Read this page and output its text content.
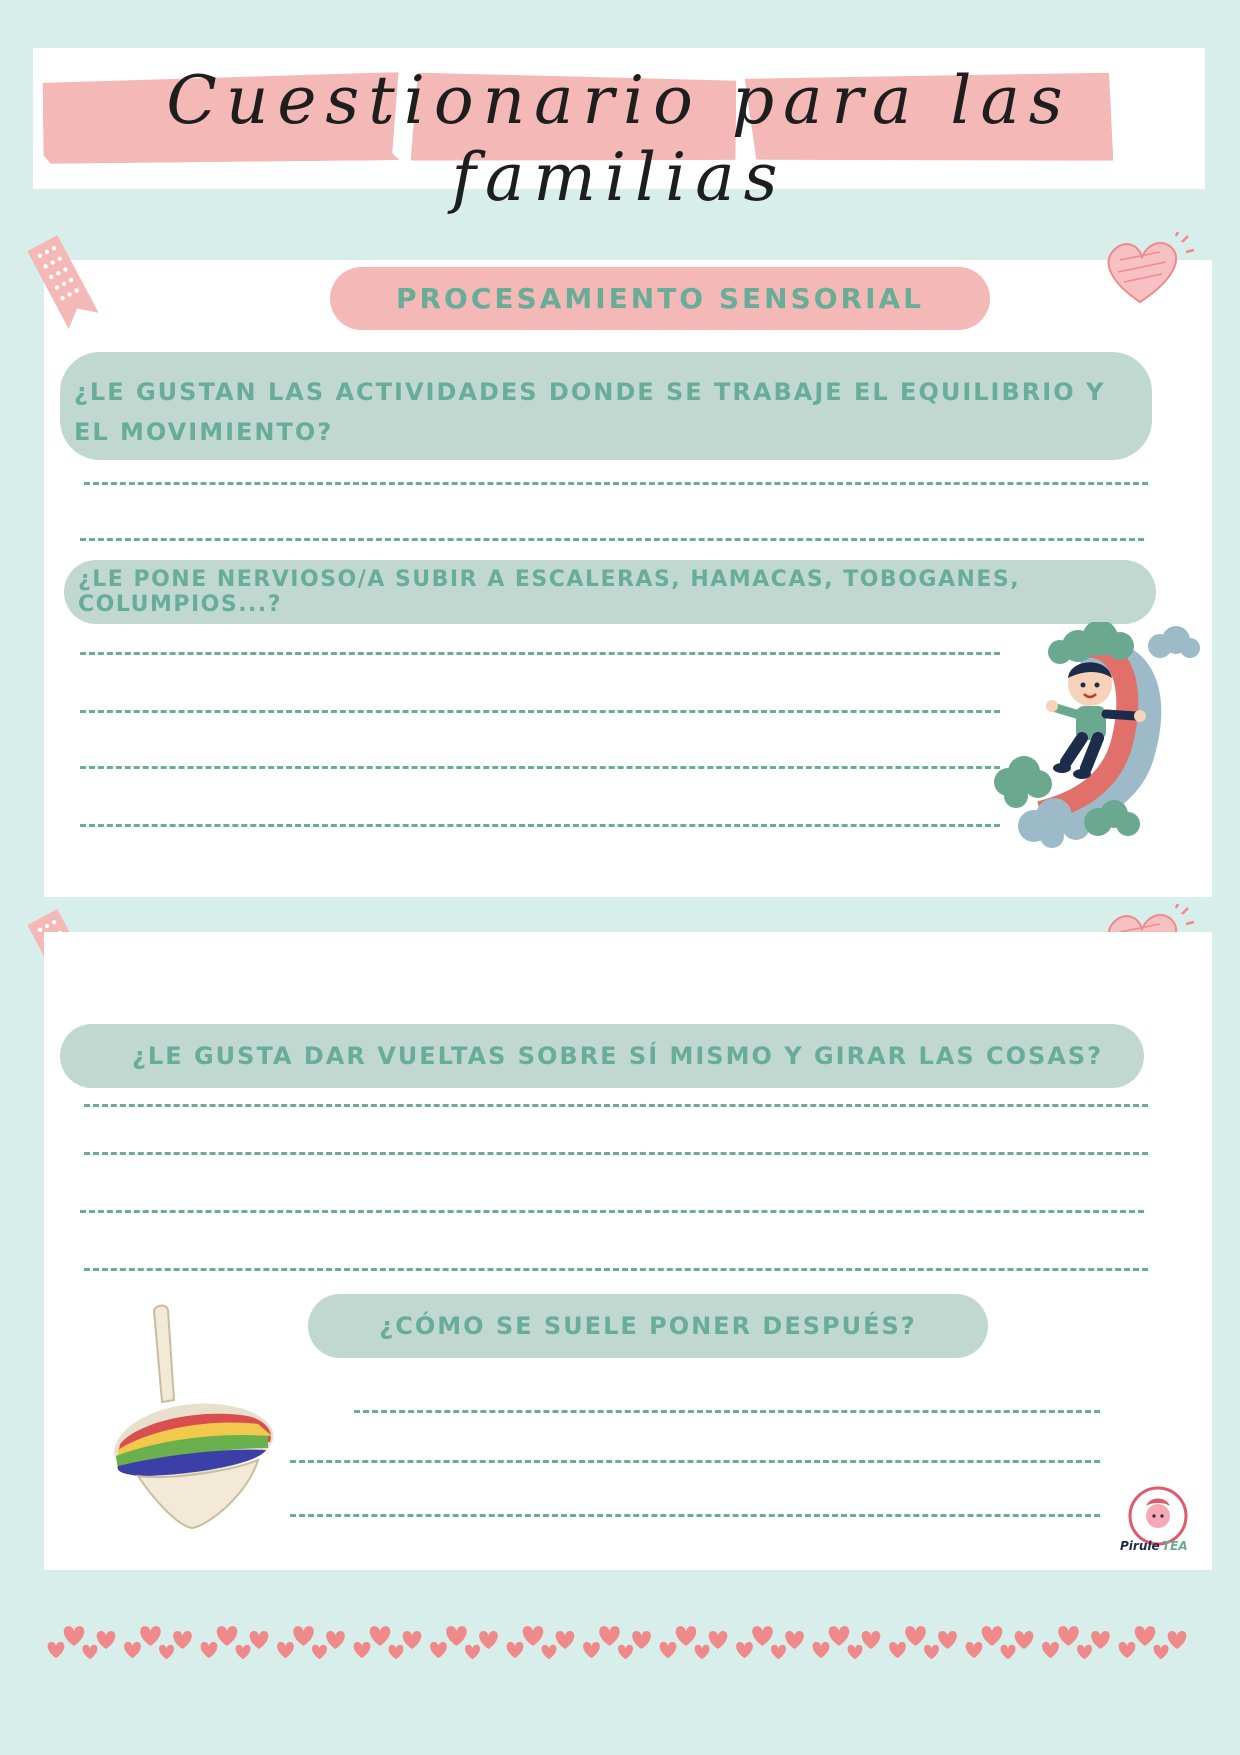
Cuestionario para las familias
PROCESAMIENTO SENSORIAL
¿LE GUSTAN LAS ACTIVIDADES DONDE SE TRABAJE EL EQUILIBRIO Y EL MOVIMIENTO?
¿LE PONE NERVIOSO/A SUBIR A ESCALERAS, HAMACAS, TOBOGANES, COLUMPIOS...?
¿LE GUSTA DAR VUELTAS SOBRE SÍ MISMO Y GIRAR LAS COSAS?
¿CÓMO SE SUELE PONER DESPUÉS?
Pirule TEA
